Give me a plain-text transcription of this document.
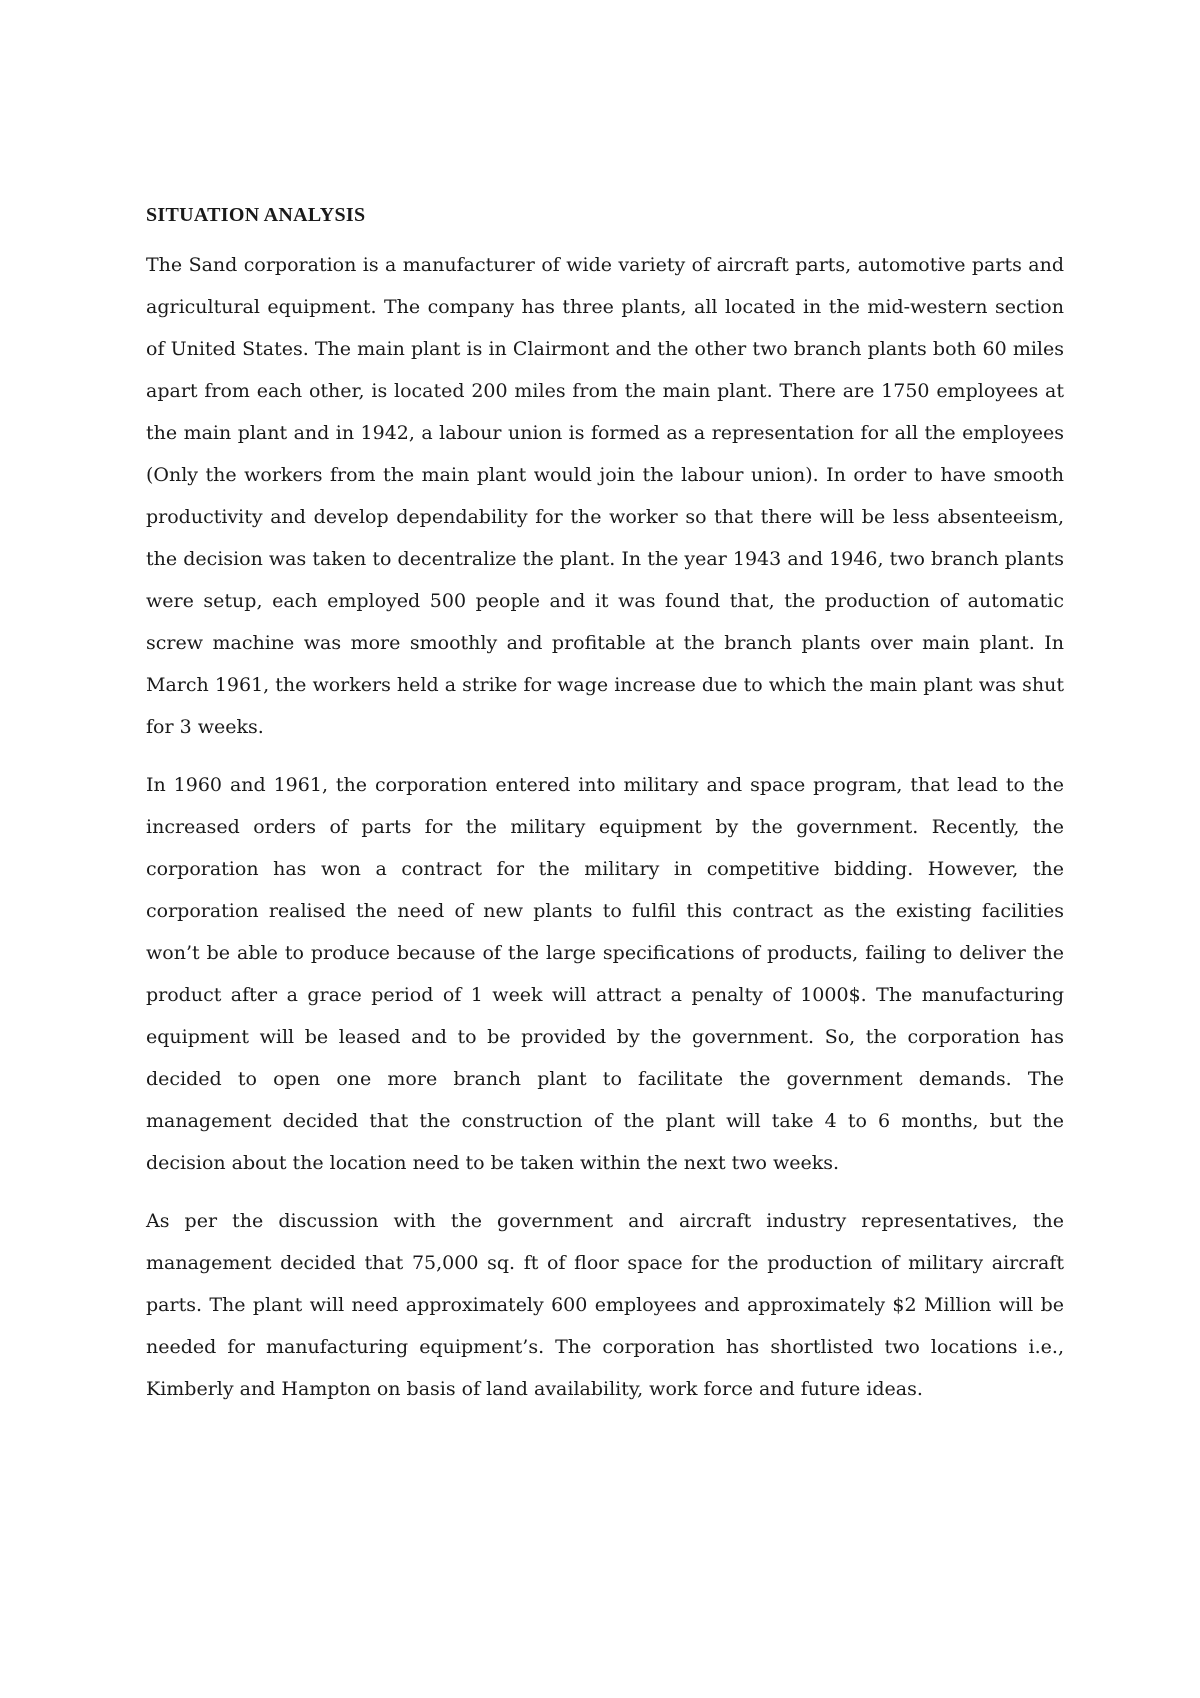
SITUATION ANALYSIS

The Sand corporation is a manufacturer of wide variety of aircraft parts, automotive parts and agricultural equipment. The company has three plants, all located in the mid-western section of United States. The main plant is in Clairmont and the other two branch plants both 60 miles apart from each other, is located 200 miles from the main plant. There are 1750 employees at the main plant and in 1942, a labour union is formed as a representation for all the employees (Only the workers from the main plant would join the labour union). In order to have smooth productivity and develop dependability for the worker so that there will be less absenteeism, the decision was taken to decentralize the plant. In the year 1943 and 1946, two branch plants were setup, each employed 500 people and it was found that, the production of automatic screw machine was more smoothly and profitable at the branch plants over main plant. In March 1961, the workers held a strike for wage increase due to which the main plant was shut for 3 weeks.

In 1960 and 1961, the corporation entered into military and space program, that lead to the increased orders of parts for the military equipment by the government. Recently, the corporation has won a contract for the military in competitive bidding. However, the corporation realised the need of new plants to fulfil this contract as the existing facilities won’t be able to produce because of the large specifications of products, failing to deliver the product after a grace period of 1 week will attract a penalty of 1000$. The manufacturing equipment will be leased and to be provided by the government. So, the corporation has decided to open one more branch plant to facilitate the government demands. The management decided that the construction of the plant will take 4 to 6 months, but the decision about the location need to be taken within the next two weeks.

As per the discussion with the government and aircraft industry representatives, the management decided that 75,000 sq. ft of floor space for the production of military aircraft parts. The plant will need approximately 600 employees and approximately $2 Million will be needed for manufacturing equipment’s. The corporation has shortlisted two locations i.e., Kimberly and Hampton on basis of land availability, work force and future ideas.
